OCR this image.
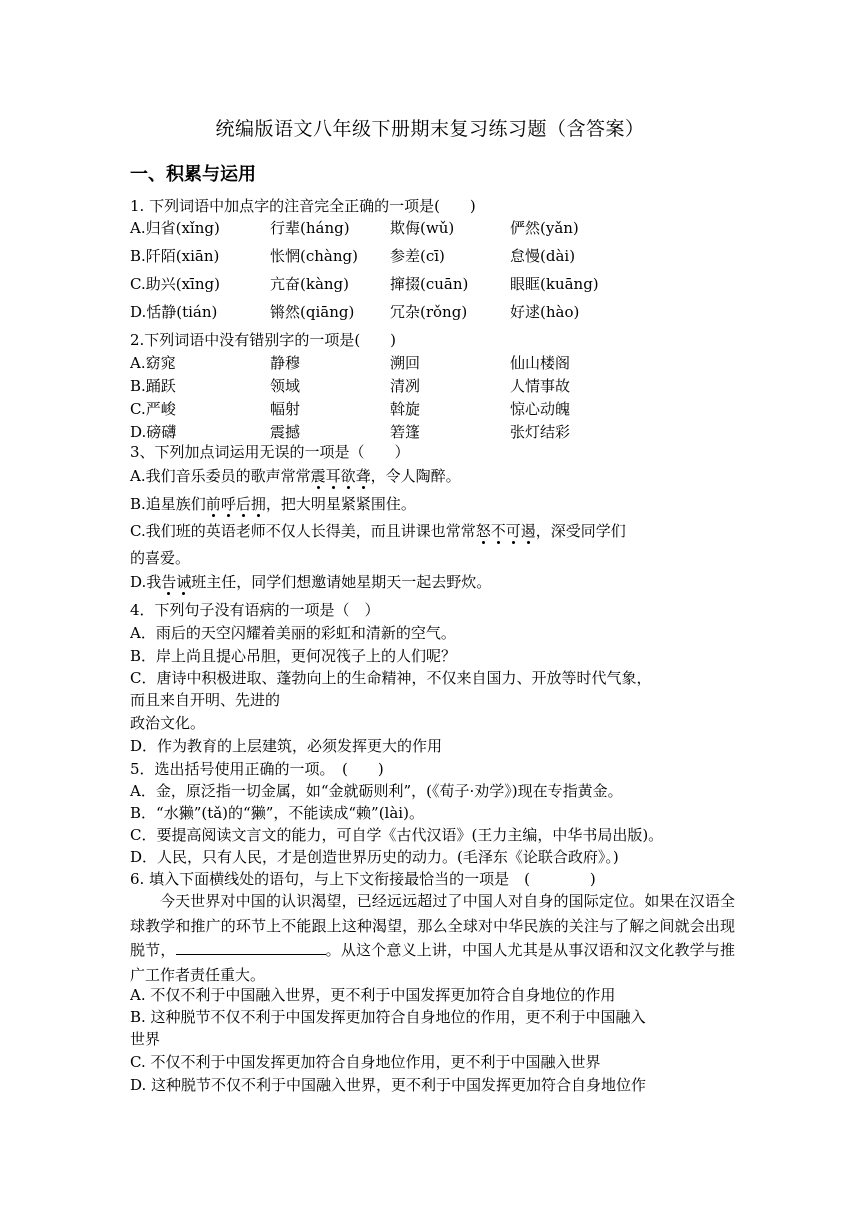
统编版语文八年级下册期末复习练习题（含答案）
一、积累与运用
1. 下列词语中加点字的注音完全正确的一项是(　　)
A.归省(xǐng)	行辈(háng)	欺侮(wǔ)	俨然(yǎn)
B.阡陌(xiān)	怅惘(chàng) 参差(cī)	怠慢(dài)
C.助兴(xīng)	亢奋(kàng)	撺掇(cuān)	眼眶(kuāng)
D.恬静(tián)	锵然(qiāng) 冗杂(rǒng)	好逑(hào)
2.下列词语中没有错别字的一项是(　　)
A.窈窕	静穆	溯回	仙山楼阁
B.踊跃	领域	清冽	人情事故
C.严峻	幅射	斡旋	惊心动魄
D.磅礴	震撼	箬篷	张灯结彩
3、下列加点词运用无误的一项是（　　）
A.我们音乐委员的歌声常常震耳欲聋，令人陶醉。
B.追星族们前呼后拥，把大明星紧紧围住。
C.我们班的英语老师不仅人长得美，而且讲课也常常怒不可遏，深受同学们
的喜爱。
D.我告诫班主任，同学们想邀请她星期天一起去野炊。
4．下列句子没有语病的一项是（　）
A．雨后的天空闪耀着美丽的彩虹和清新的空气。
B．岸上尚且提心吊胆，更何况筏子上的人们呢？
C．唐诗中积极进取、蓬勃向上的生命精神，不仅来自国力、开放等时代气象，
而且来自开明、先进的
政治文化。
D．作为教育的上层建筑，必须发挥更大的作用
5．选出括号使用正确的一项。　(　　)
A．金，原泛指一切金属，如“金就砺则利”，(《荀子·劝学》)现在专指黄金。
B．“水獭”(tǎ)的“獭”，不能读成“赖”(lài)。
C．要提高阅读文言文的能力，可自学《古代汉语》(王力主编，中华书局出版)。
D．人民，只有人民，才是创造世界历史的动力。(毛泽东《论联合政府》。)
6. 填入下面横线处的语句，与上下文衔接最恰当的一项是　(　　　　)

今天世界对中国的认识渴望，已经远远超过了中国人对自身的国际定位。如果在汉语全球教学和推广的环节上不能跟上这种渴望，那么全球对中华民族的关注与了解之间就会出现脱节，	。从这个意义上讲，中国人尤其是从事汉语和汉文化教学与推广工作者责任重大。

A. 不仅不利于中国融入世界，更不利于中国发挥更加符合自身地位的作用
B. 这种脱节不仅不利于中国发挥更加符合自身地位的作用，更不利于中国融入
世界
C. 不仅不利于中国发挥更加符合自身地位作用，更不利于中国融入世界
D. 这种脱节不仅不利于中国融入世界，更不利于中国发挥更加符合自身地位作
